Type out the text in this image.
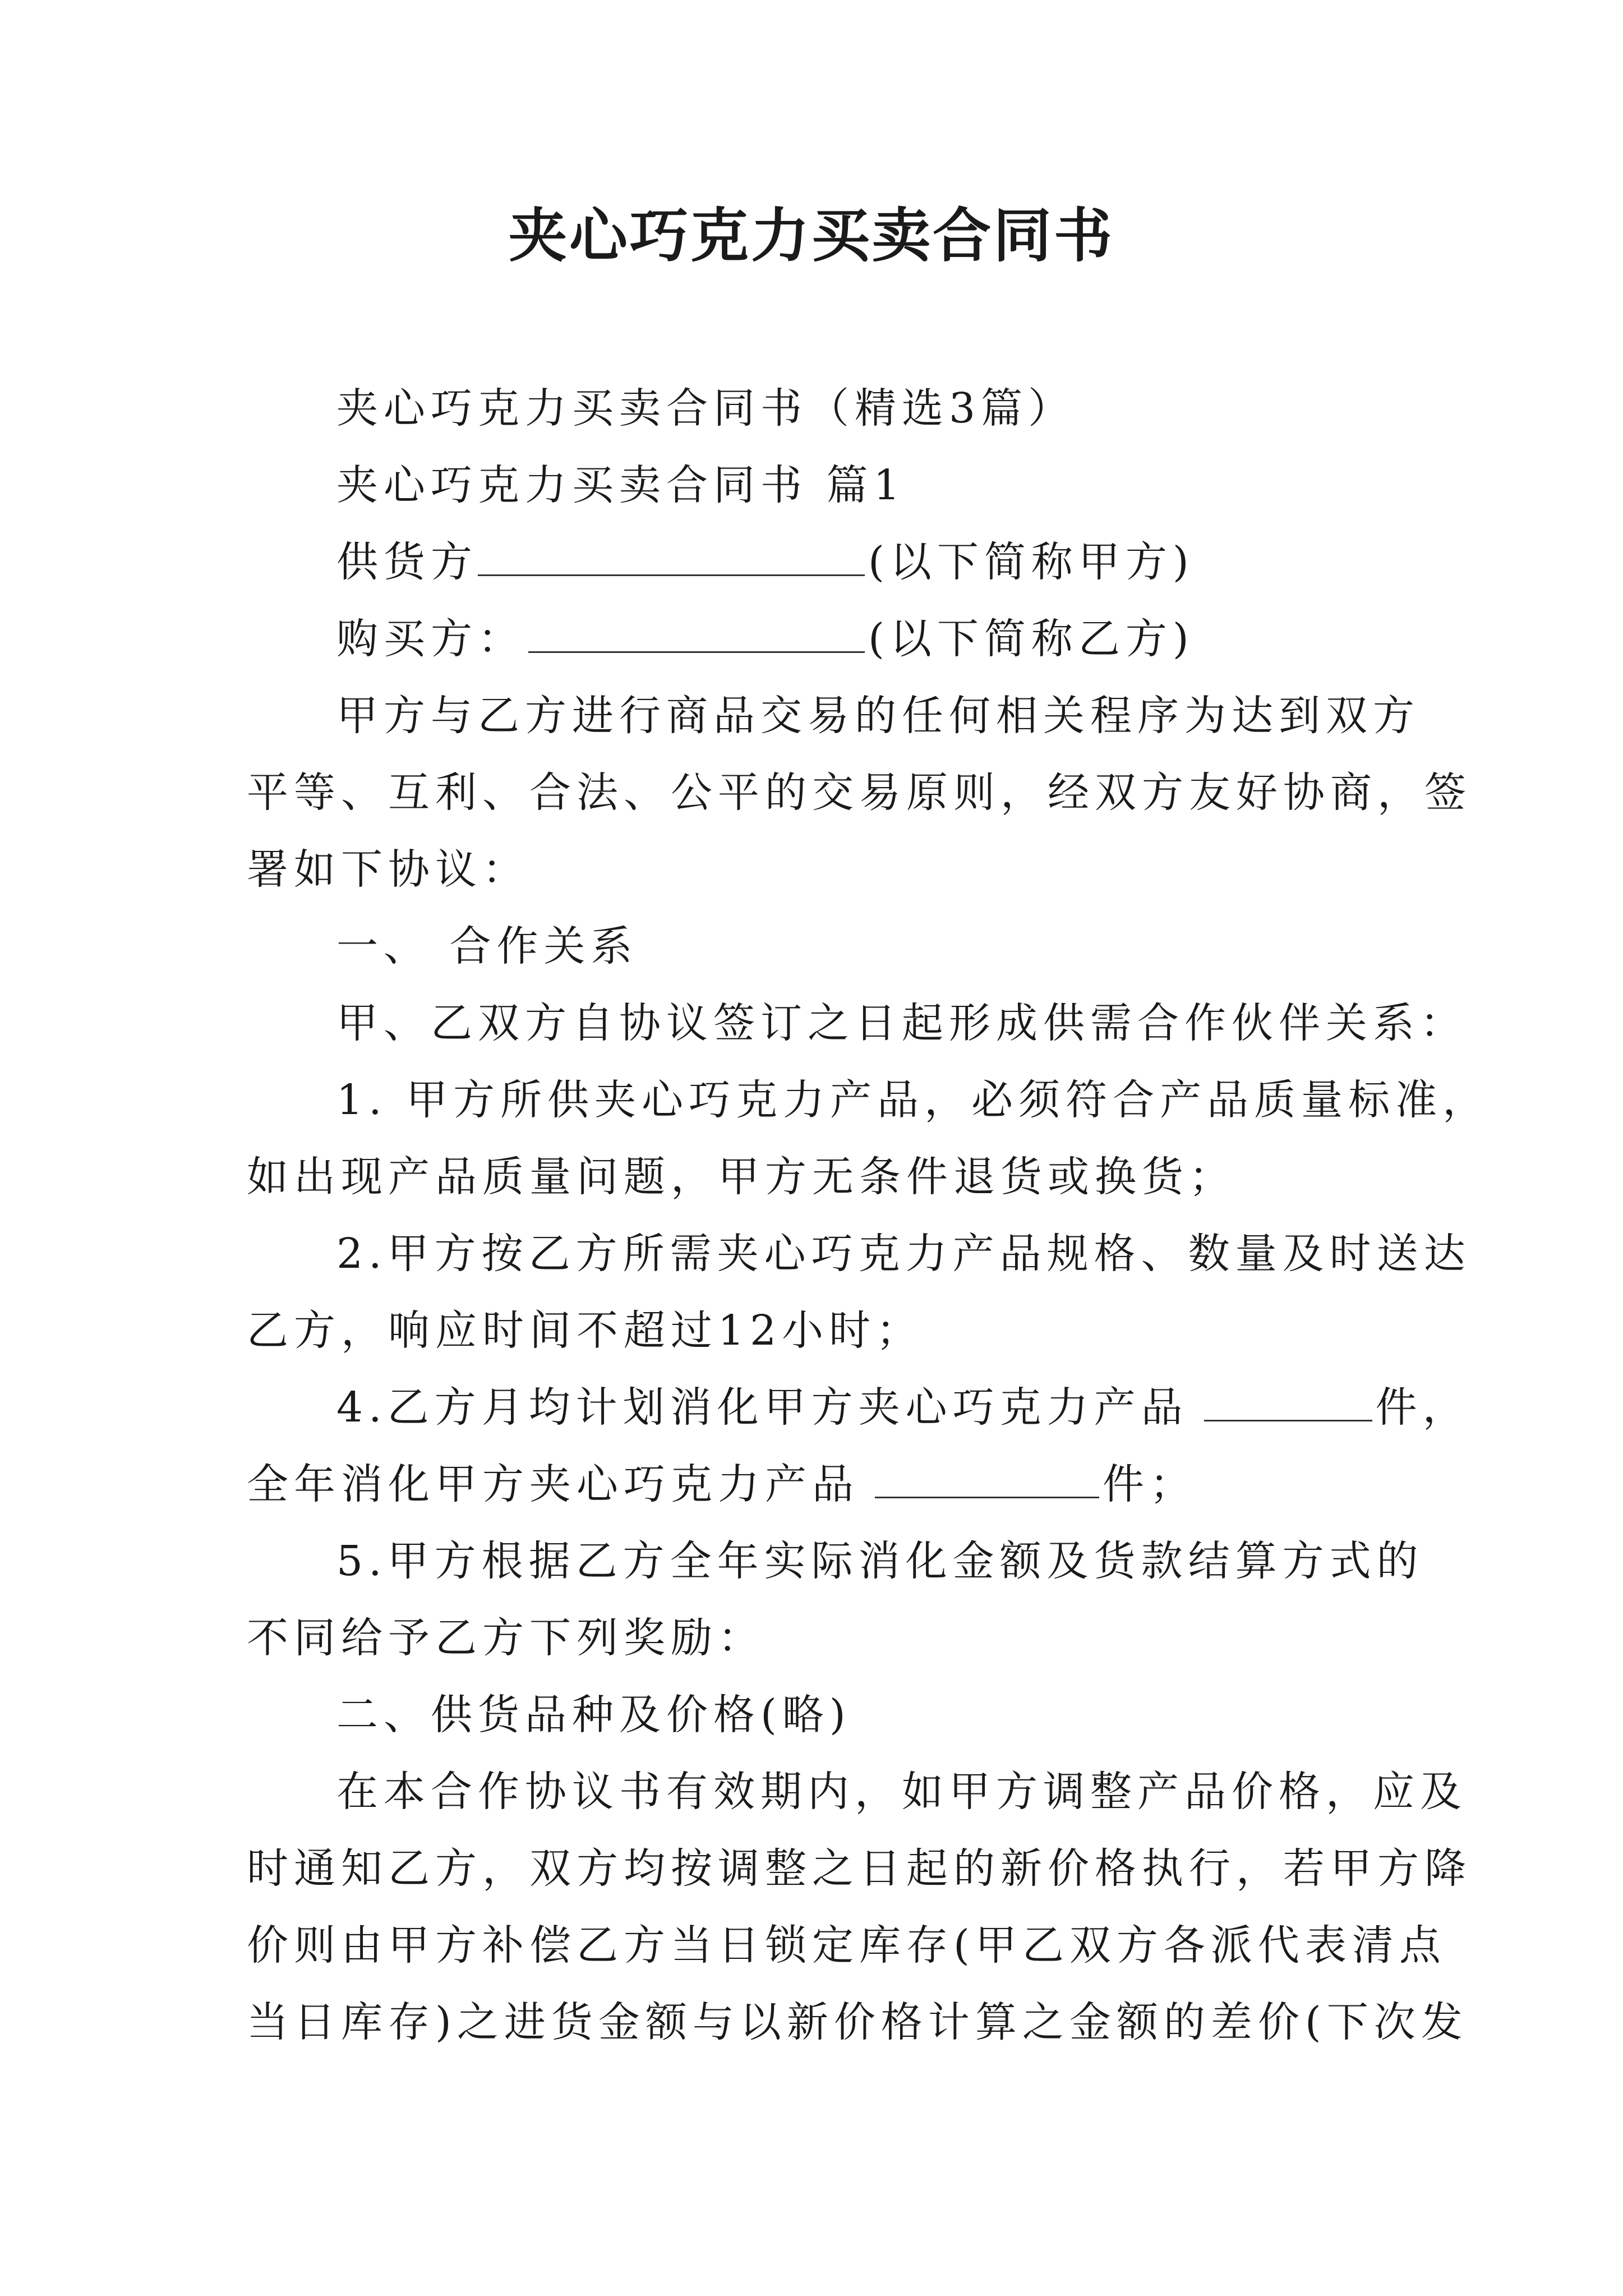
夹心巧克力买卖合同书

夹心巧克力买卖合同书（精选3篇）

夹心巧克力买卖合同书 篇1

供货方	(以下简称甲方)

购买方：	(以下简称乙方)

甲方与乙方进行商品交易的任何相关程序为达到双方

平等、互利、合法、公平的交易原则，经双方友好协商，签

署如下协议：

一、 合作关系

甲、乙双方自协议签订之日起形成供需合作伙伴关系：

1. 甲方所供夹心巧克力产品，必须符合产品质量标准，

如出现产品质量问题，甲方无条件退货或换货；

2.甲方按乙方所需夹心巧克力产品规格、数量及时送达

乙方，响应时间不超过12小时；

4.乙方月均计划消化甲方夹心巧克力产品	件，

全年消化甲方夹心巧克力产品	件；

5.甲方根据乙方全年实际消化金额及货款结算方式的

不同给予乙方下列奖励：

二、供货品种及价格(略)

在本合作协议书有效期内，如甲方调整产品价格，应及

时通知乙方，双方均按调整之日起的新价格执行，若甲方降

价则由甲方补偿乙方当日锁定库存(甲乙双方各派代表清点

当日库存)之进货金额与以新价格计算之金额的差价(下次发
